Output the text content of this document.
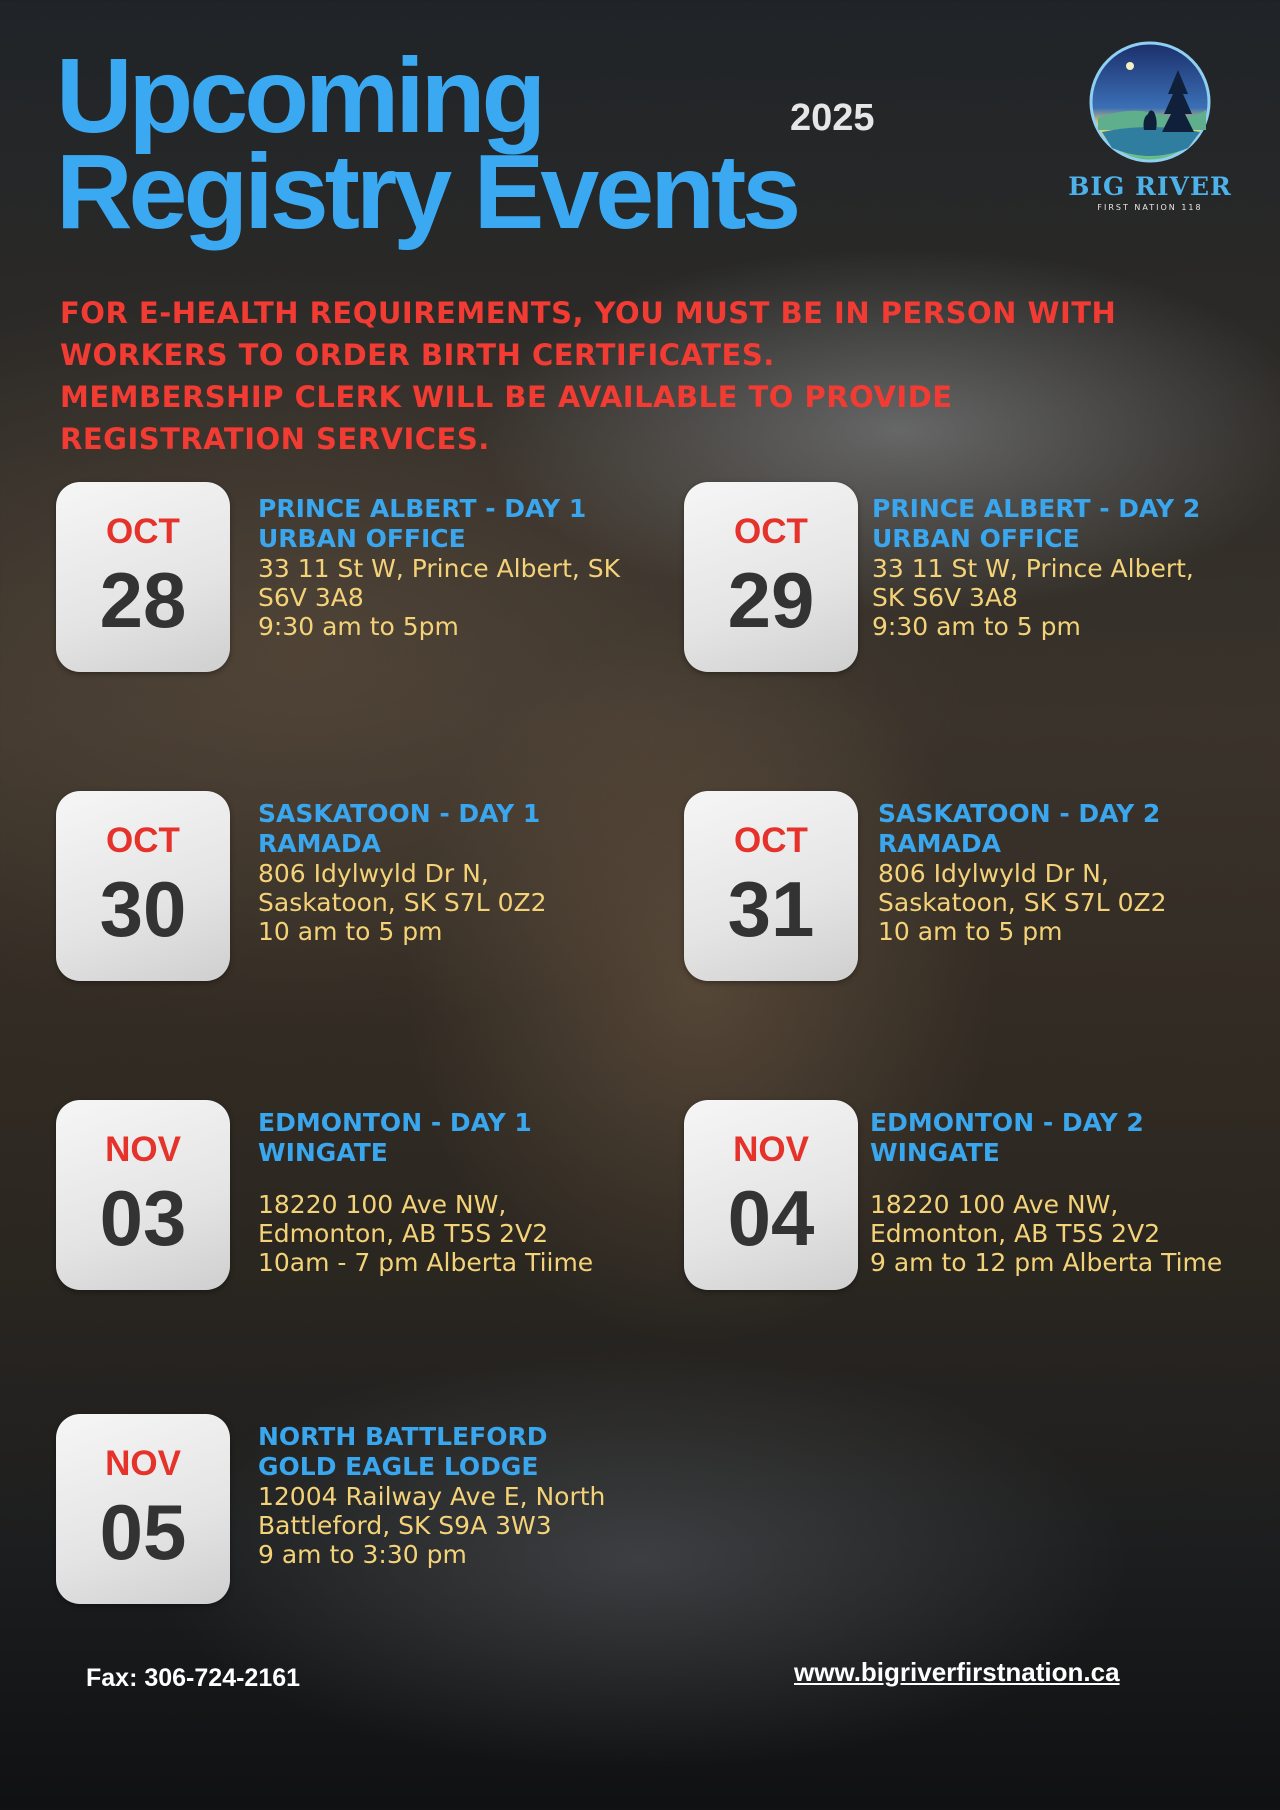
Upcoming
Registry Events
2025
BIG RIVER
FIRST NATION 118
FOR E-HEALTH REQUIREMENTS, YOU MUST BE IN PERSON WITH
WORKERS TO ORDER BIRTH CERTIFICATES.
MEMBERSHIP CLERK WILL BE AVAILABLE TO PROVIDE
REGISTRATION SERVICES.
OCT
28
PRINCE ALBERT - DAY 1
URBAN OFFICE
33 11 St W, Prince Albert, SK
S6V 3A8
9:30 am to 5pm
OCT
29
PRINCE ALBERT - DAY 2
URBAN OFFICE
33 11 St W, Prince Albert,
SK S6V 3A8
9:30 am to 5 pm
OCT
30
SASKATOON - DAY 1
RAMADA
806 Idylwyld Dr N,
Saskatoon, SK S7L 0Z2
10 am to 5 pm
OCT
31
SASKATOON - DAY 2
RAMADA
806 Idylwyld Dr N,
Saskatoon, SK S7L 0Z2
10 am to 5 pm
NOV
03
EDMONTON - DAY 1
WINGATE
18220 100 Ave NW,
Edmonton, AB T5S 2V2
10am - 7 pm Alberta Tiime
NOV
04
EDMONTON - DAY 2
WINGATE
18220 100 Ave NW,
Edmonton, AB T5S 2V2
9 am to 12 pm Alberta Time
NOV
05
NORTH BATTLEFORD
GOLD EAGLE LODGE
12004 Railway Ave E, North
Battleford, SK S9A 3W3
9 am to 3:30 pm
Fax: 306-724-2161	www.bigriverfirstnation.ca
